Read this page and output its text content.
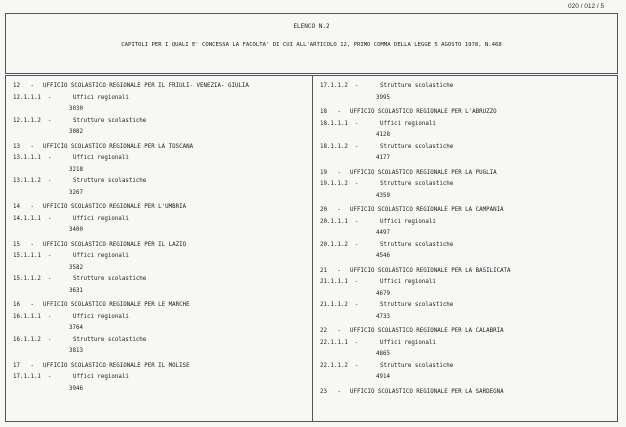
020 / 012 / 5
ELENCO N.2
CAPITOLI PER I QUALI E' CONCESSA LA FACOLTA' DI CUI ALL'ARTICOLO 12, PRIMO COMMA DELLA LEGGE 5 AGOSTO 1978, N.468
12   - UFFICIO SCOLASTICO REGIONALE PER IL FRIULI- VENEZIA- GIULIA
12.1.1.1  -	Uffici regionali
3030
12.1.1.2  -	Strutture scolastiche
3082
13   - UFFICIO SCOLASTICO REGIONALE PER LA TOSCANA
13.1.1.1  -	Uffici regionali
3218
13.1.1.2  -	Strutture scolastiche
3267
14   - UFFICIO SCOLASTICO REGIONALE PER L'UMBRIA
14.1.1.1  -	Uffici regionali
3400
15   - UFFICIO SCOLASTICO REGIONALE PER IL LAZIO
15.1.1.1  -	Uffici regionali
3582
15.1.1.2  -	Strutture scolastiche
3631
16   - UFFICIO SCOLASTICO REGIONALE PER LE MARCHE
16.1.1.1  -	Uffici regionali
3764
16.1.1.2  -	Strutture scolastiche
3813
17   - UFFICIO SCOLASTICO REGIONALE PER IL MOLISE
17.1.1.1  -	Uffici regionali
3946
17.1.1.2  -	Strutture scolastiche
3995
18   - UFFICIO SCOLASTICO REGIONALE PER L'ABRUZZO
18.1.1.1  -	Uffici regionali
4128
18.1.1.2  -	Strutture scolastiche
4177
19   - UFFICIO SCOLASTICO REGIONALE PER LA PUGLIA
19.1.1.2  -	Strutture scolastiche
4359
20   - UFFICIO SCOLASTICO REGIONALE PER LA CAMPANIA
20.1.1.1  -	Uffici regionali
4497
20.1.1.2  -	Strutture scolastiche
4546
21   - UFFICIO SCOLASTICO REGIONALE PER LA BASILICATA
21.1.1.1  -	Uffici regionali
4679
21.1.1.2  -	Strutture scolastiche
4733
22   - UFFICIO SCOLASTICO REGIONALE PER LA CALABRIA
22.1.1.1  -	Uffici regionali
4865
22.1.1.2  -	Strutture scolastiche
4914
23   - UFFICIO SCOLASTICO REGIONALE PER LA SARDEGNA
